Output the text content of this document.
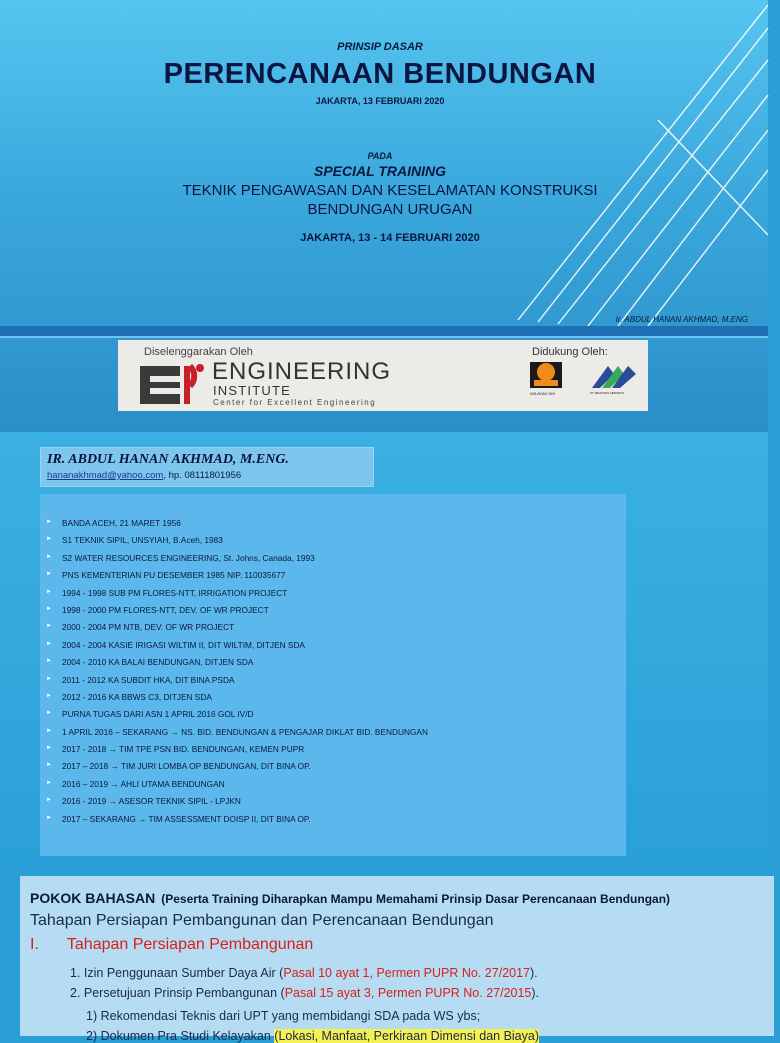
PRINSIP DASAR
PERENCANAAN BENDUNGAN
JAKARTA, 13 FEBRUARI 2020
PADA
SPECIAL TRAINING
TEKNIK PENGAWASAN DAN KESELAMATAN KONSTRUKSI
BENDUNGAN URUGAN
JAKARTA, 13 - 14 FEBRUARI 2020
Ir. ABDUL HANAN AKHMAD, M.ENG
Diselenggarakan Oleh	Didukung Oleh:
ENGINEERING
INSTITUTE
Center for Excellent Engineering
WILAYAH DKI	PT. BRANTAS ABIPRAYA
IR. ABDUL HANAN AKHMAD, M.ENG.
hananakhmad@yahoo.com, hp. 08111801956
► BANDA ACEH, 21 MARET 1956
► S1 TEKNIK SIPIL, UNSYIAH, B.Aceh, 1983
► S2 WATER RESOURCES ENGINEERING, St. Johns, Canada, 1993
► PNS KEMENTERIAN PU DESEMBER 1985 NIP. 110035677
► 1994 - 1998 SUB PM FLORES-NTT, IRRIGATION PROJECT
► 1998 - 2000 PM FLORES-NTT, DEV. OF WR PROJECT
► 2000 - 2004 PM NTB, DEV. OF WR PROJECT
► 2004 - 2004 KASIE IRIGASI WILTIM II, DIT WILTIM, DITJEN SDA
► 2004 - 2010 KA BALAI BENDUNGAN, DITJEN SDA
► 2011 - 2012 KA SUBDIT HKA, DIT BINA PSDA
► 2012 - 2016 KA BBWS C3, DITJEN SDA
► PURNA TUGAS DARI ASN 1 APRIL 2016 GOL IV/D
► 1 APRIL 2016 – SEKARANG → NS. BID. BENDUNGAN & PENGAJAR DIKLAT BID. BENDUNGAN
► 2017 - 2018 → TIM TPE PSN BID. BENDUNGAN, KEMEN PUPR
► 2017 – 2018 → TIM JURI LOMBA OP BENDUNGAN, DIT BINA OP.
► 2016 – 2019 → AHLI UTAMA BENDUNGAN
► 2016 - 2019 → ASESOR TEKNIK SIPIL - LPJKN
► 2017 – SEKARANG → TIM ASSESSMENT DOISP II, DIT BINA OP.
POKOK BAHASAN (Peserta Training Diharapkan Mampu Memahami Prinsip Dasar Perencanaan Bendungan)
Tahapan Persiapan Pembangunan dan Perencanaan Bendungan
I. Tahapan Persiapan Pembangunan
1. Izin Penggunaan Sumber Daya Air (Pasal 10 ayat 1, Permen PUPR No. 27/2017).
2. Persetujuan Prinsip Pembangunan (Pasal 15 ayat 3, Permen PUPR No. 27/2015).
1) Rekomendasi Teknis dari UPT yang membidangi SDA pada WS ybs;
2) Dokumen Pra Studi Kelayakan (Lokasi, Manfaat, Perkiraan Dimensi dan Biaya)
